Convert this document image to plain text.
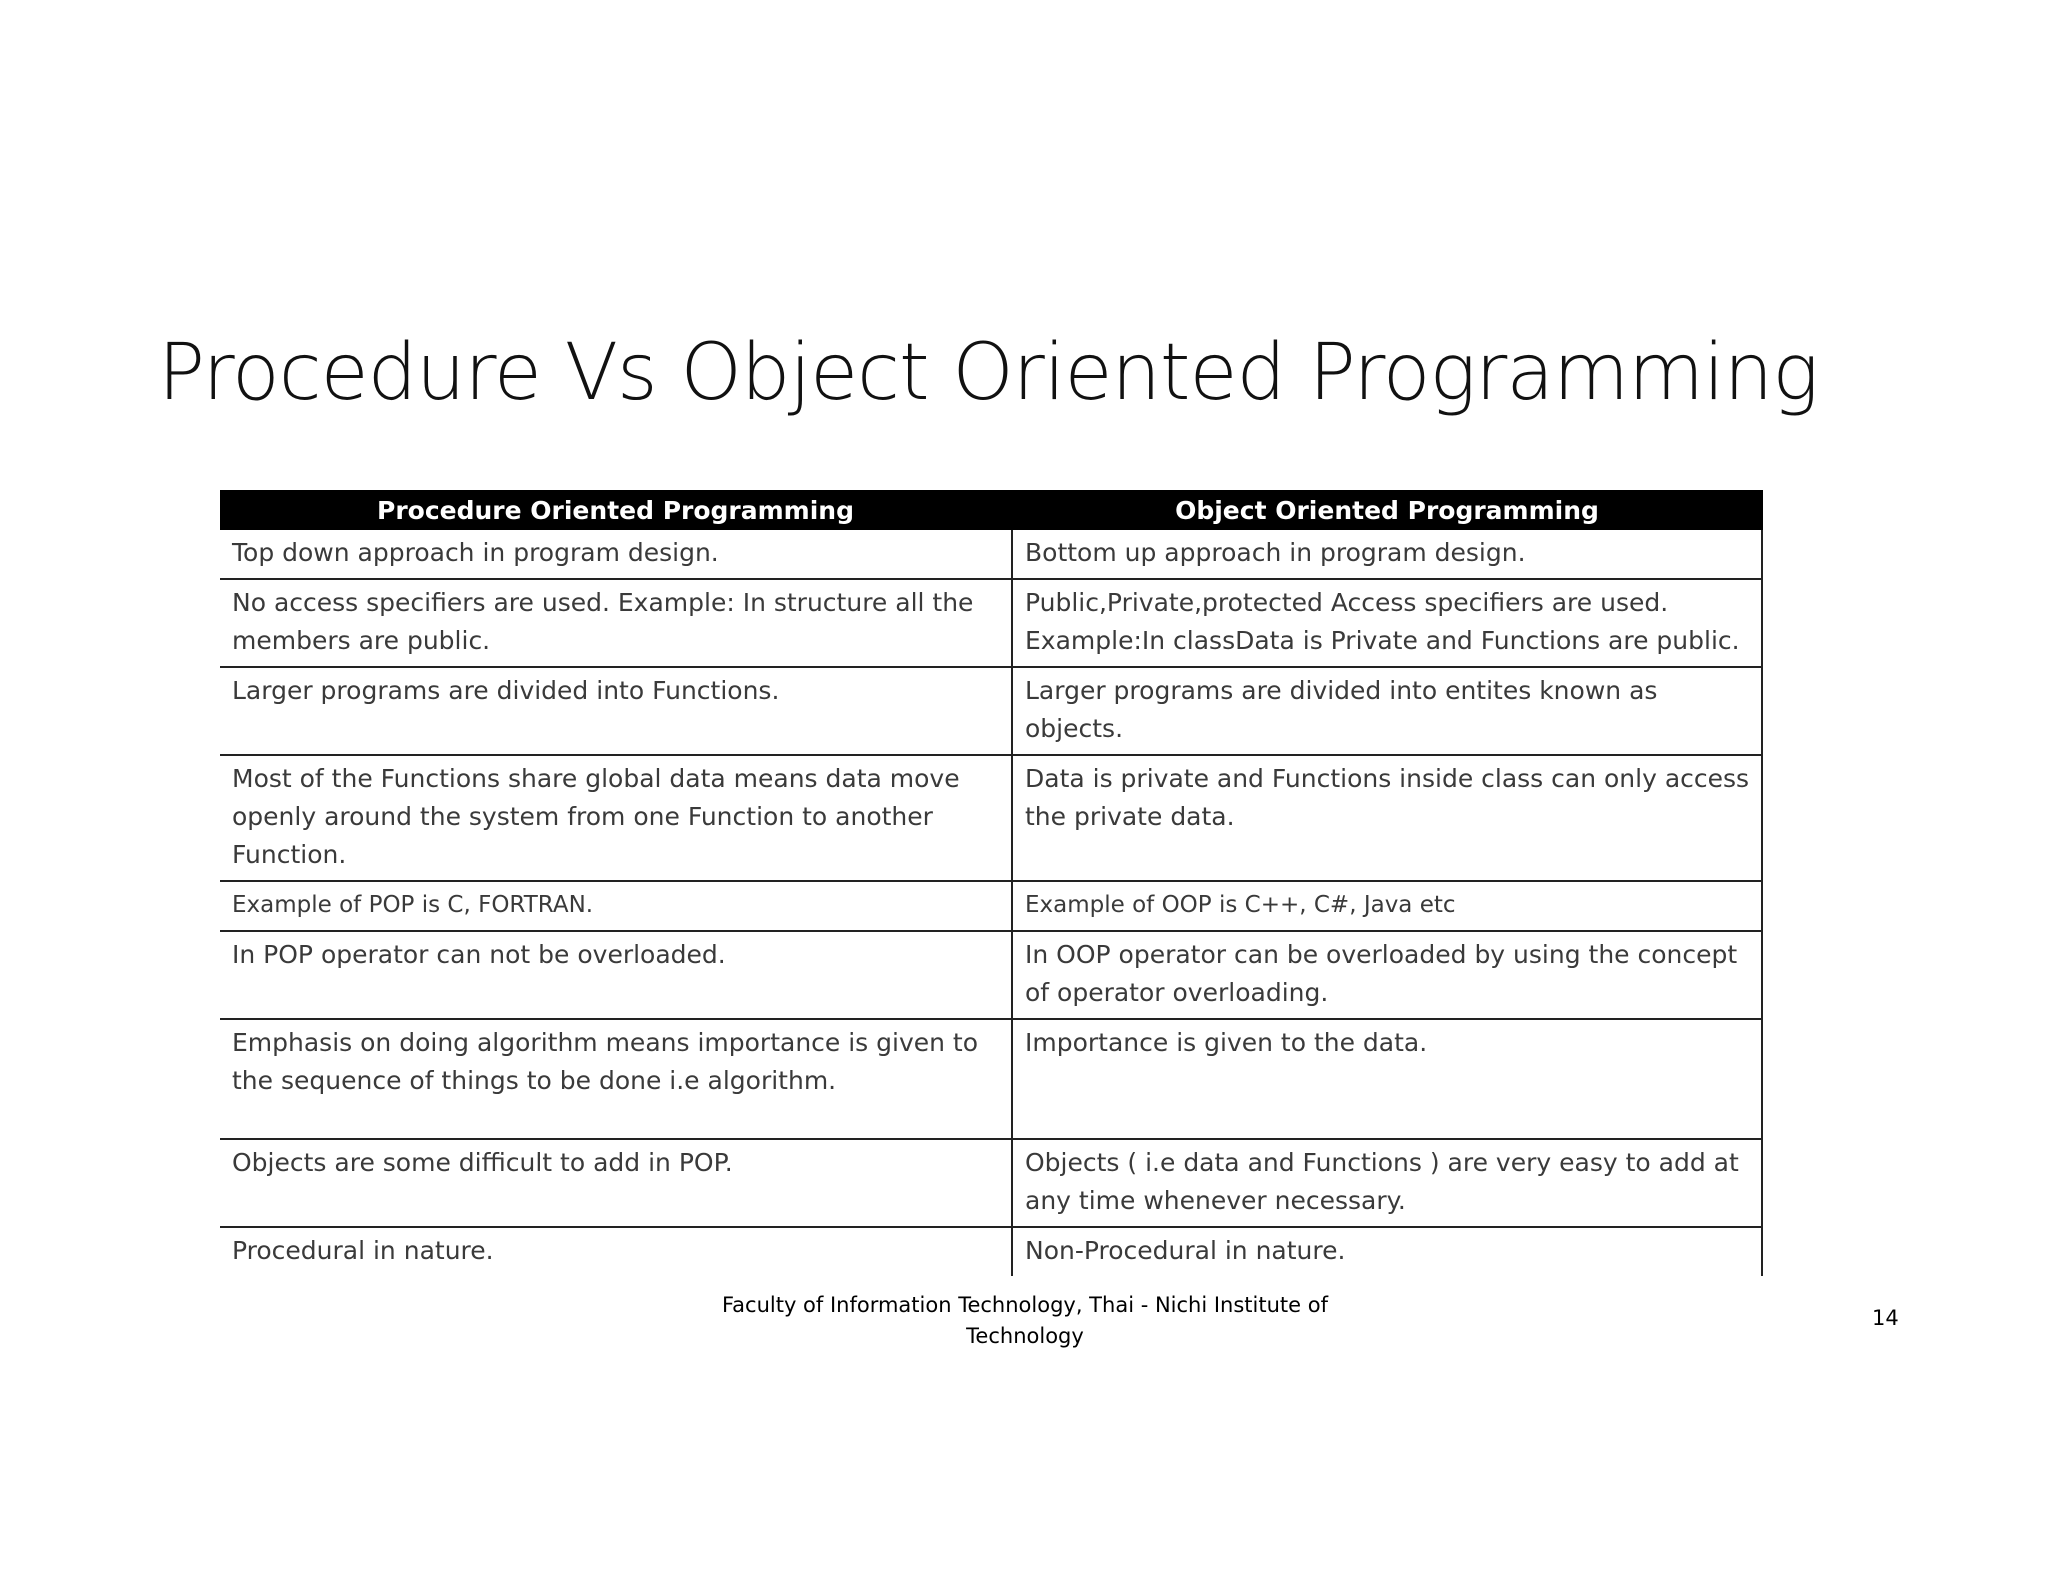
Procedure Vs Object Oriented Programming
Procedure Oriented Programming	Object Oriented Programming
Top down approach in program design.	Bottom up approach in program design.
No access specifiers are used. Example: In structure all the members are public.	Public,Private,protected Access specifiers are used. Example:In classData is Private and Functions are public.
Larger programs are divided into Functions.	Larger programs are divided into entites known as objects.
Most of the Functions share global data means data move openly around the system from one Function to another Function.	Data is private and Functions inside class can only access the private data.
Example of POP is C, FORTRAN.	Example of OOP is C++, C#, Java etc
In POP operator can not be overloaded.	In OOP operator can be overloaded by using the concept of operator overloading.
Emphasis on doing algorithm means importance is given to the sequence of things to be done i.e algorithm.	Importance is given to the data.
Objects are some difficult to add in POP.	Objects ( i.e data and Functions ) are very easy to add at any time whenever necessary.
Procedural in nature.	Non-Procedural in nature.
Faculty of Information Technology, Thai - Nichi Institute of
Technology
14
